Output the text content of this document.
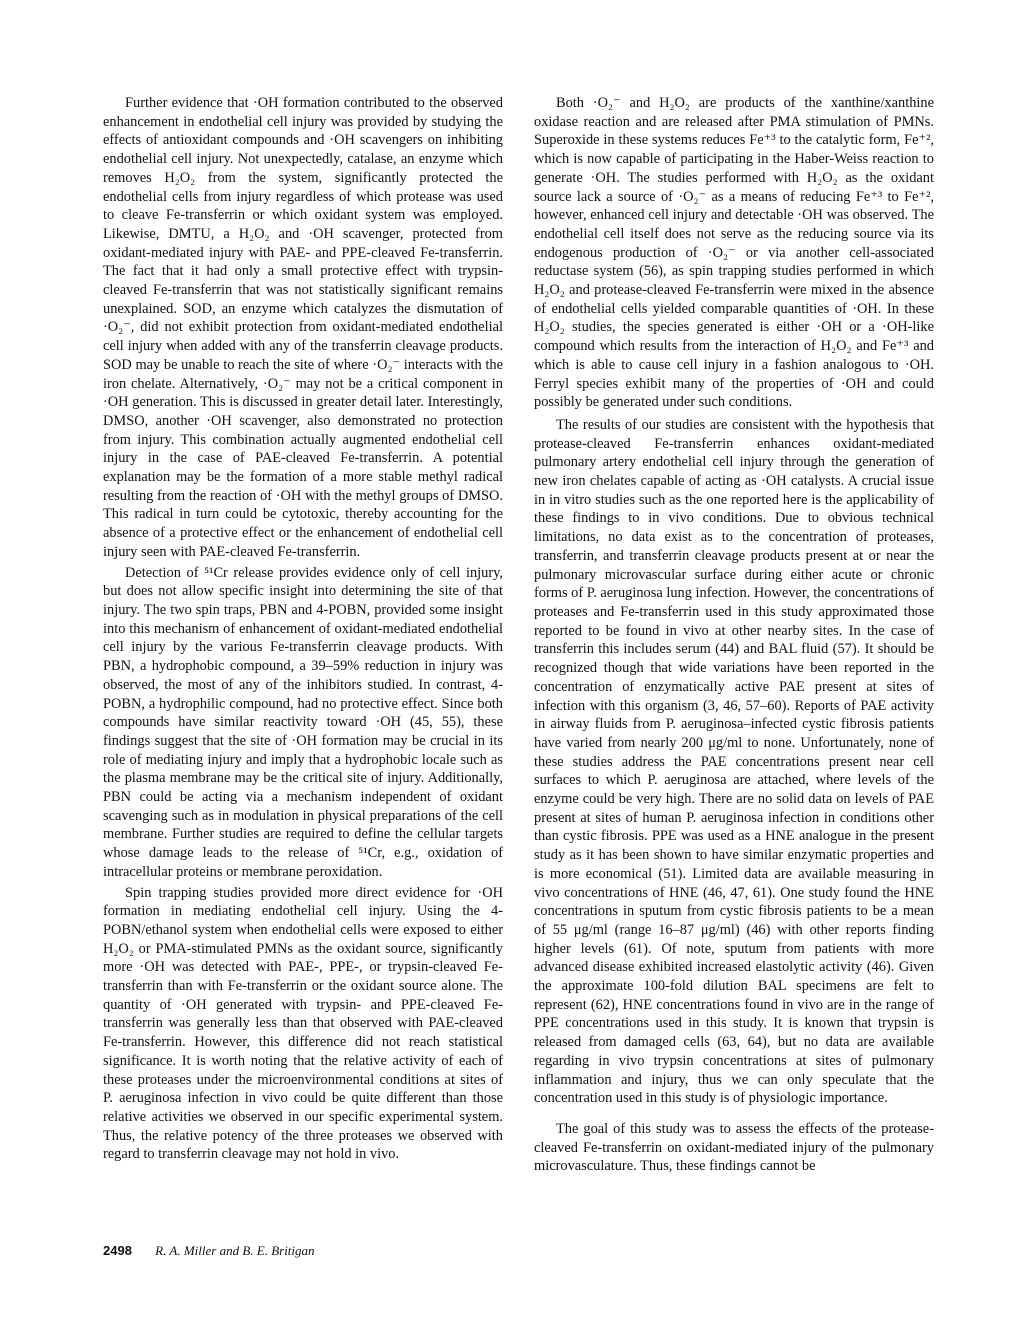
Further evidence that ·OH formation contributed to the observed enhancement in endothelial cell injury was provided by studying the effects of antioxidant compounds and ·OH scavengers on inhibiting endothelial cell injury. Not unexpectedly, catalase, an enzyme which removes H₂O₂ from the system, significantly protected the endothelial cells from injury regardless of which protease was used to cleave Fe-transferrin or which oxidant system was employed. Likewise, DMTU, a H₂O₂ and ·OH scavenger, protected from oxidant-mediated injury with PAE- and PPE-cleaved Fe-transferrin. The fact that it had only a small protective effect with trypsin-cleaved Fe-transferrin that was not statistically significant remains unexplained. SOD, an enzyme which catalyzes the dismutation of ·O₂⁻, did not exhibit protection from oxidant-mediated endothelial cell injury when added with any of the transferrin cleavage products. SOD may be unable to reach the site of where ·O₂⁻ interacts with the iron chelate. Alternatively, ·O₂⁻ may not be a critical component in ·OH generation. This is discussed in greater detail later. Interestingly, DMSO, another ·OH scavenger, also demonstrated no protection from injury. This combination actually augmented endothelial cell injury in the case of PAE-cleaved Fe-transferrin. A potential explanation may be the formation of a more stable methyl radical resulting from the reaction of ·OH with the methyl groups of DMSO. This radical in turn could be cytotoxic, thereby accounting for the absence of a protective effect or the enhancement of endothelial cell injury seen with PAE-cleaved Fe-transferrin.

Detection of ⁵¹Cr release provides evidence only of cell injury, but does not allow specific insight into determining the site of that injury. The two spin traps, PBN and 4-POBN, provided some insight into this mechanism of enhancement of oxidant-mediated endothelial cell injury by the various Fe-transferrin cleavage products. With PBN, a hydrophobic compound, a 39–59% reduction in injury was observed, the most of any of the inhibitors studied. In contrast, 4-POBN, a hydrophilic compound, had no protective effect. Since both compounds have similar reactivity toward ·OH (45, 55), these findings suggest that the site of ·OH formation may be crucial in its role of mediating injury and imply that a hydrophobic locale such as the plasma membrane may be the critical site of injury. Additionally, PBN could be acting via a mechanism independent of oxidant scavenging such as in modulation in physical preparations of the cell membrane. Further studies are required to define the cellular targets whose damage leads to the release of ⁵¹Cr, e.g., oxidation of intracellular proteins or membrane peroxidation.

Spin trapping studies provided more direct evidence for ·OH formation in mediating endothelial cell injury. Using the 4-POBN/ethanol system when endothelial cells were exposed to either H₂O₂ or PMA-stimulated PMNs as the oxidant source, significantly more ·OH was detected with PAE-, PPE-, or trypsin-cleaved Fe-transferrin than with Fe-transferrin or the oxidant source alone. The quantity of ·OH generated with trypsin- and PPE-cleaved Fe-transferrin was generally less than that observed with PAE-cleaved Fe-transferrin. However, this difference did not reach statistical significance. It is worth noting that the relative activity of each of these proteases under the microenvironmental conditions at sites of P. aeruginosa infection in vivo could be quite different than those relative activities we observed in our specific experimental system. Thus, the relative potency of the three proteases we observed with regard to transferrin cleavage may not hold in vivo.

Both ·O₂⁻ and H₂O₂ are products of the xanthine/xanthine oxidase reaction and are released after PMA stimulation of PMNs. Superoxide in these systems reduces Fe⁺³ to the catalytic form, Fe⁺², which is now capable of participating in the Haber-Weiss reaction to generate ·OH. The studies performed with H₂O₂ as the oxidant source lack a source of ·O₂⁻ as a means of reducing Fe⁺³ to Fe⁺², however, enhanced cell injury and detectable ·OH was observed. The endothelial cell itself does not serve as the reducing source via its endogenous production of ·O₂⁻ or via another cell-associated reductase system (56), as spin trapping studies performed in which H₂O₂ and protease-cleaved Fe-transferrin were mixed in the absence of endothelial cells yielded comparable quantities of ·OH. In these H₂O₂ studies, the species generated is either ·OH or a ·OH-like compound which results from the interaction of H₂O₂ and Fe⁺³ and which is able to cause cell injury in a fashion analogous to ·OH. Ferryl species exhibit many of the properties of ·OH and could possibly be generated under such conditions.

The results of our studies are consistent with the hypothesis that protease-cleaved Fe-transferrin enhances oxidant-mediated pulmonary artery endothelial cell injury through the generation of new iron chelates capable of acting as ·OH catalysts. A crucial issue in in vitro studies such as the one reported here is the applicability of these findings to in vivo conditions. Due to obvious technical limitations, no data exist as to the concentration of proteases, transferrin, and transferrin cleavage products present at or near the pulmonary microvascular surface during either acute or chronic forms of P. aeruginosa lung infection. However, the concentrations of proteases and Fe-transferrin used in this study approximated those reported to be found in vivo at other nearby sites. In the case of transferrin this includes serum (44) and BAL fluid (57). It should be recognized though that wide variations have been reported in the concentration of enzymatically active PAE present at sites of infection with this organism (3, 46, 57–60). Reports of PAE activity in airway fluids from P. aeruginosa–infected cystic fibrosis patients have varied from nearly 200 μg/ml to none. Unfortunately, none of these studies address the PAE concentrations present near cell surfaces to which P. aeruginosa are attached, where levels of the enzyme could be very high. There are no solid data on levels of PAE present at sites of human P. aeruginosa infection in conditions other than cystic fibrosis. PPE was used as a HNE analogue in the present study as it has been shown to have similar enzymatic properties and is more economical (51). Limited data are available measuring in vivo concentrations of HNE (46, 47, 61). One study found the HNE concentrations in sputum from cystic fibrosis patients to be a mean of 55 μg/ml (range 16–87 μg/ml) (46) with other reports finding higher levels (61). Of note, sputum from patients with more advanced disease exhibited increased elastolytic activity (46). Given the approximate 100-fold dilution BAL specimens are felt to represent (62), HNE concentrations found in vivo are in the range of PPE concentrations used in this study. It is known that trypsin is released from damaged cells (63, 64), but no data are available regarding in vivo trypsin concentrations at sites of pulmonary inflammation and injury, thus we can only speculate that the concentration used in this study is of physiologic importance.

The goal of this study was to assess the effects of the protease-cleaved Fe-transferrin on oxidant-mediated injury of the pulmonary microvasculature. Thus, these findings cannot be

2498 R. A. Miller and B. E. Britigan
